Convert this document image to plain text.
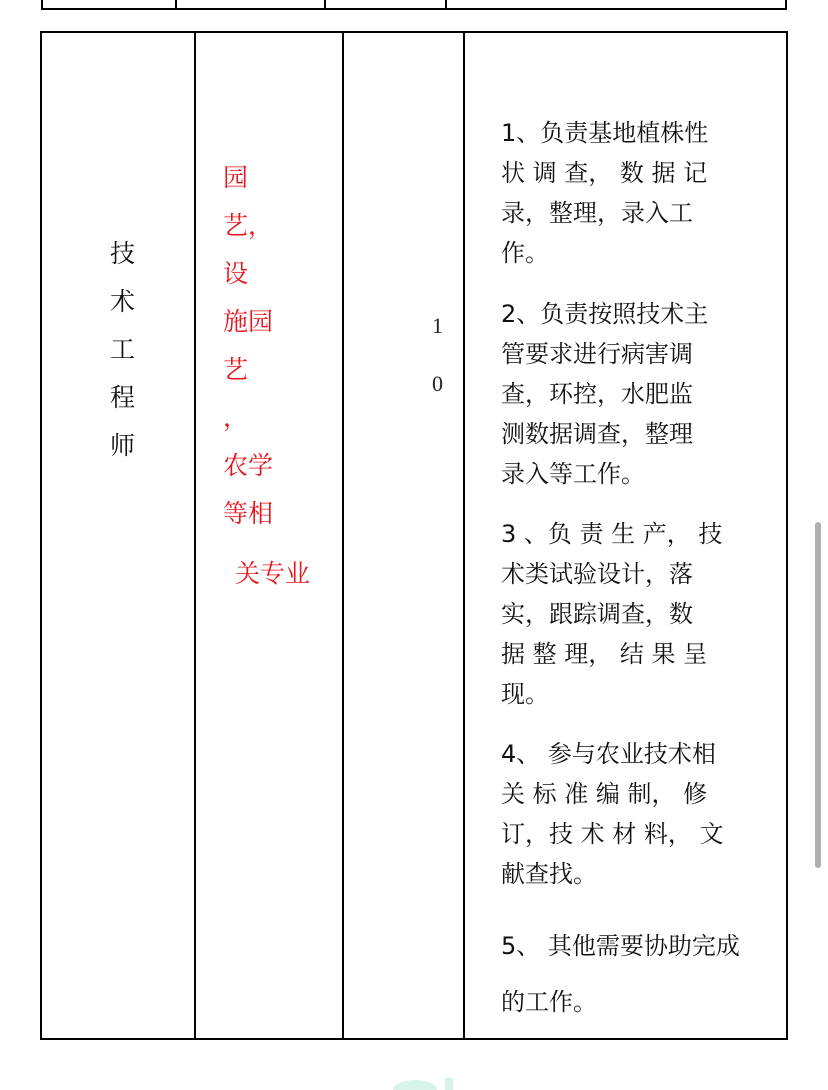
技
术
工
程
师
园
艺，
设
施园
艺
，
农学
等相
关专业
1
0
1、负责基地植株性
状 调 查， 数 据 记
录，整理，录入工
作。
2、负责按照技术主
管要求进行病害调
查，环控，水肥监
测数据调查，整理
录入等工作。
3 、负 责 生 产， 技
术类试验设计，落
实，跟踪调查，数
据 整 理， 结 果 呈
现。
4、 参与农业技术相
关 标 准 编 制， 修
订，技 术 材 料， 文
献查找。
5、 其他需要协助完成
的工作。
